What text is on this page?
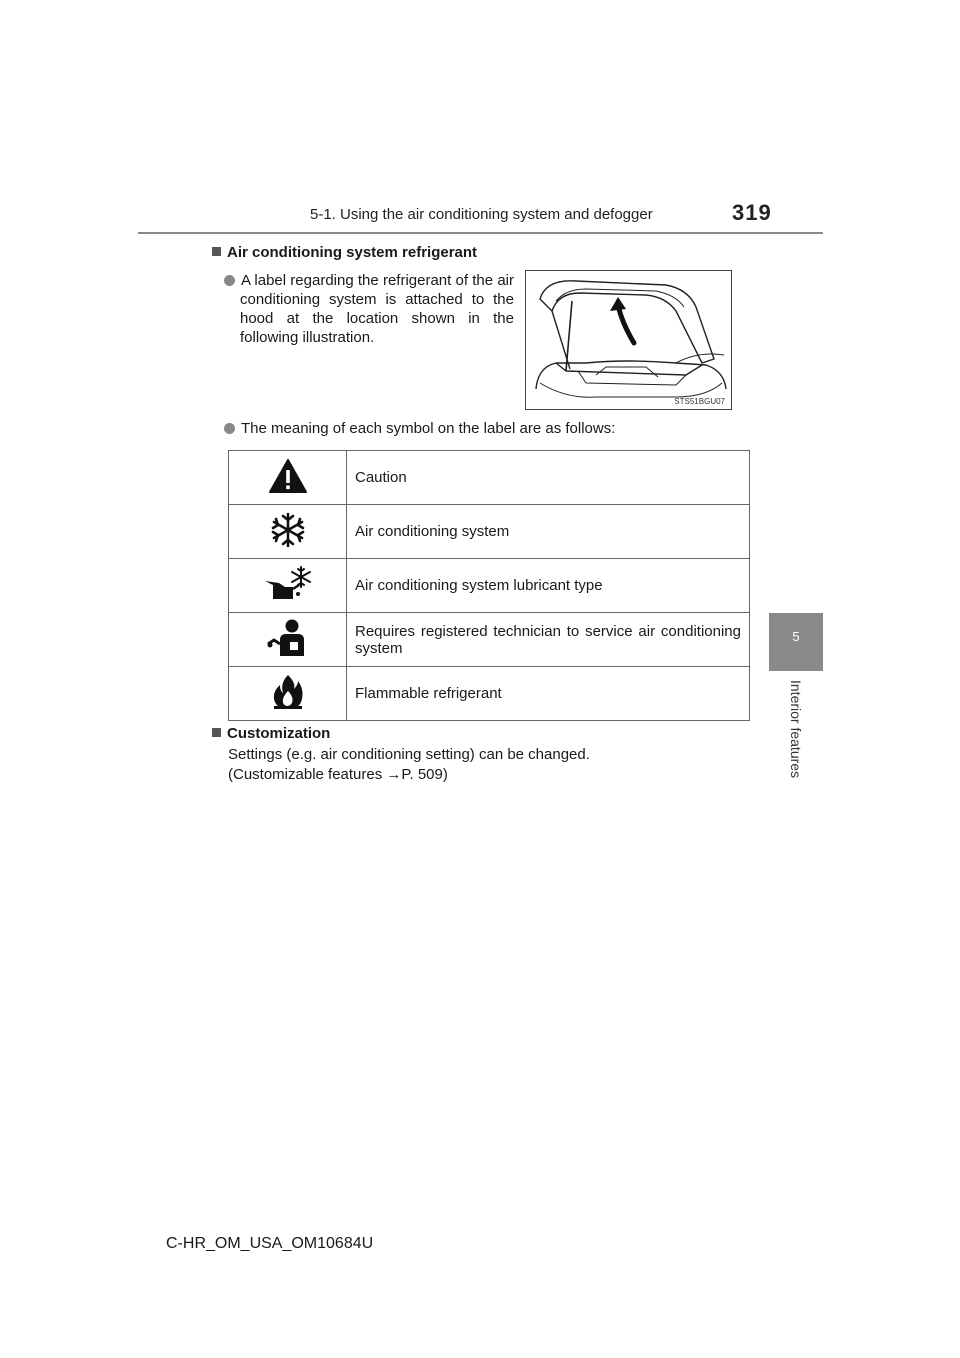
5-1. Using the air conditioning system and defogger	319
5
Interior features
Air conditioning system refrigerant
A label regarding the refrigerant of the air conditioning system is attached to the hood at the location shown in the following illustration.
STS51BGU07
The meaning of each symbol on the label are as follows:
	Caution
	Air conditioning system
	Air conditioning system lubricant type
	Requires registered technician to service air conditioning system
	Flammable refrigerant
Customization
Settings (e.g. air conditioning setting) can be changed.
(Customizable features →P. 509)
C-HR_OM_USA_OM10684U
